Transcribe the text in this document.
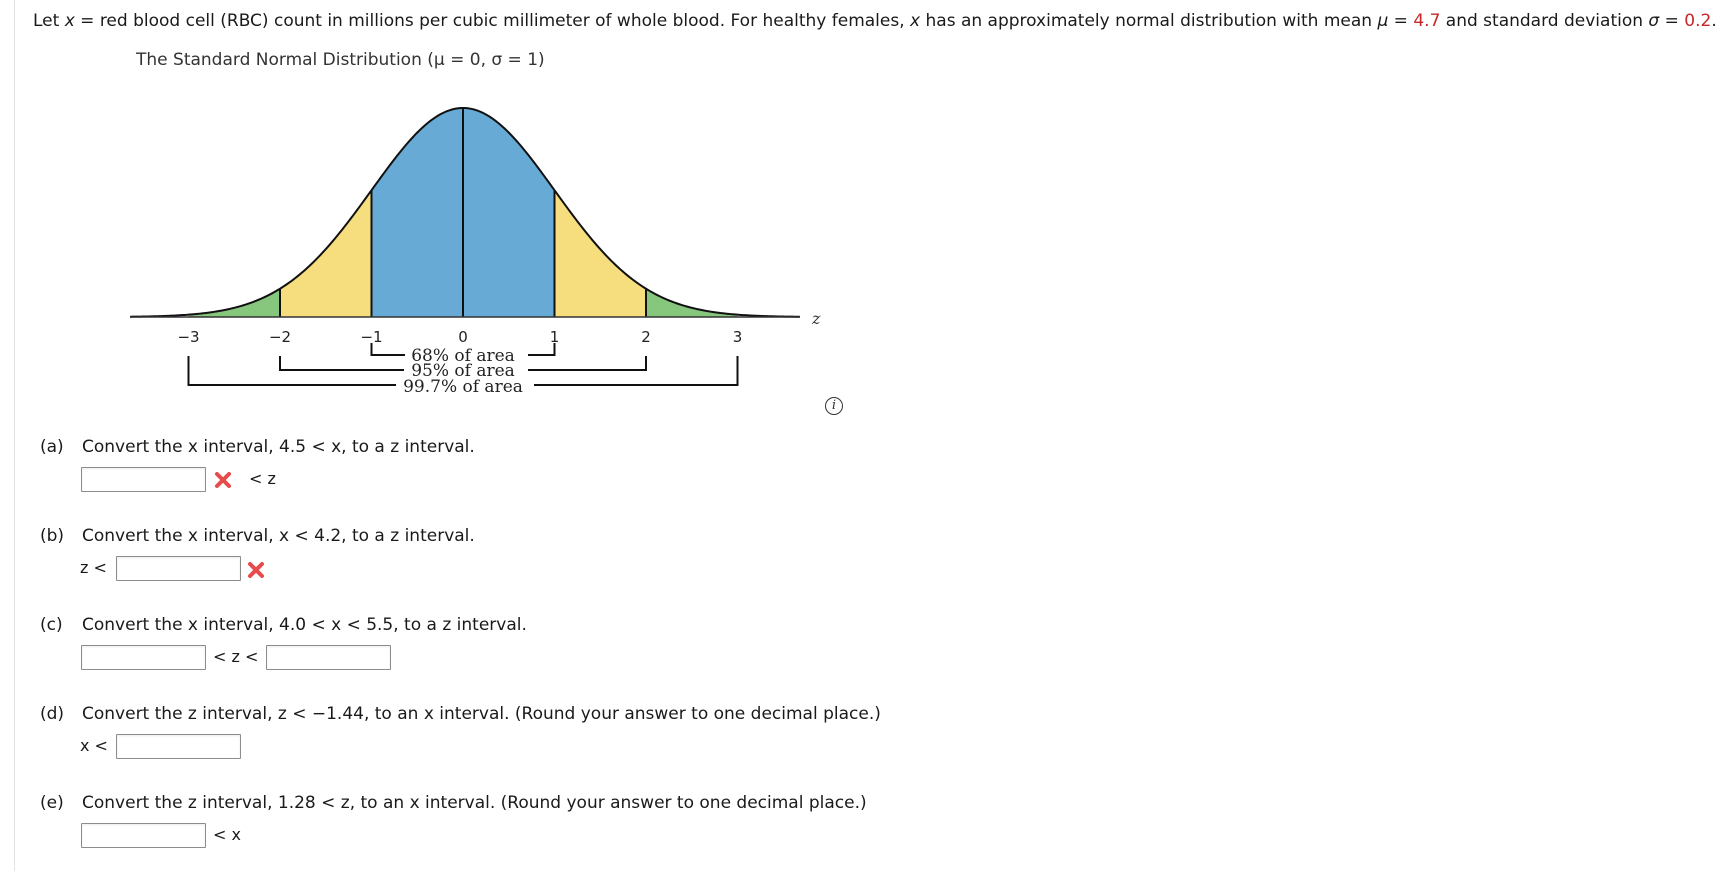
Let x = red blood cell (RBC) count in millions per cubic millimeter of whole blood. For healthy females, x has an approximately normal distribution with mean μ = 4.7 and standard deviation σ = 0.2.
The Standard Normal Distribution (μ = 0, σ = 1)
z
−3	−2	−1	0	1	2	3
68% of area
95% of area
99.7% of area
i
(a) Convert the x interval, 4.5 < x, to a z interval.
< z
(b) Convert the x interval, x < 4.2, to a z interval.
z <
(c) Convert the x interval, 4.0 < x < 5.5, to a z interval.
< z <
(d) Convert the z interval, z < −1.44, to an x interval. (Round your answer to one decimal place.)
x <
(e) Convert the z interval, 1.28 < z, to an x interval. (Round your answer to one decimal place.)
< x
